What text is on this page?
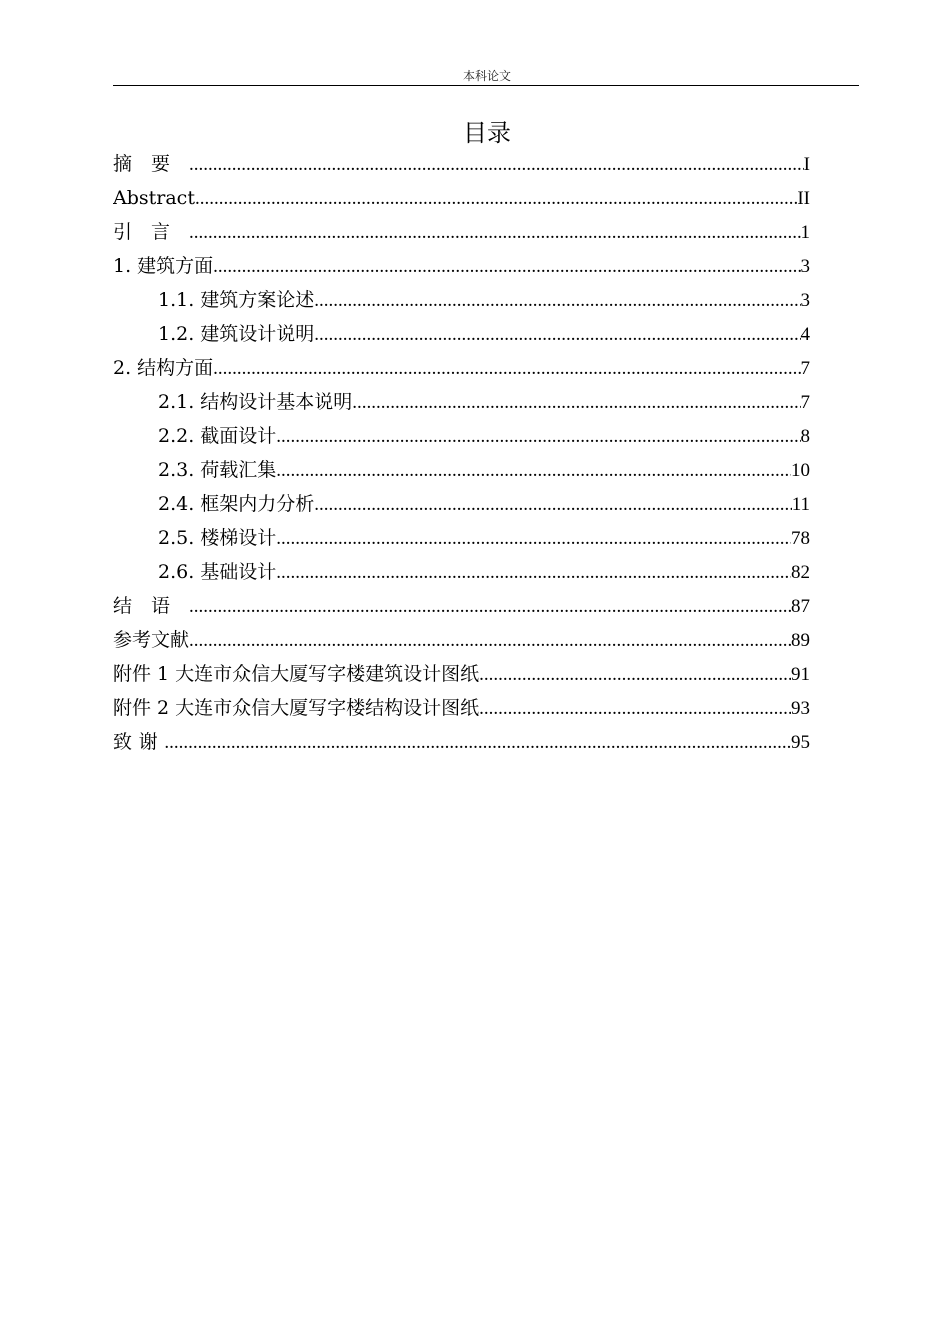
本科论文
目录
摘要 .....	I
Abstract .....	II
引言 .....	1
1. 建筑方面 .....	3
1.1. 建筑方案论述 .....	3
1.2. 建筑设计说明 .....	4
2. 结构方面 .....	7
2.1. 结构设计基本说明 .....	7
2.2. 截面设计 .....	8
2.3. 荷载汇集 .....	10
2.4. 框架内力分析 .....	11
2.5. 楼梯设计 .....	78
2.6. 基础设计 .....	82
结语 .....	87
参考文献 .....	89
附件 1 大连市众信大厦写字楼建筑设计图纸 .....	91
附件 2 大连市众信大厦写字楼结构设计图纸 .....	93
致谢 .....	95
